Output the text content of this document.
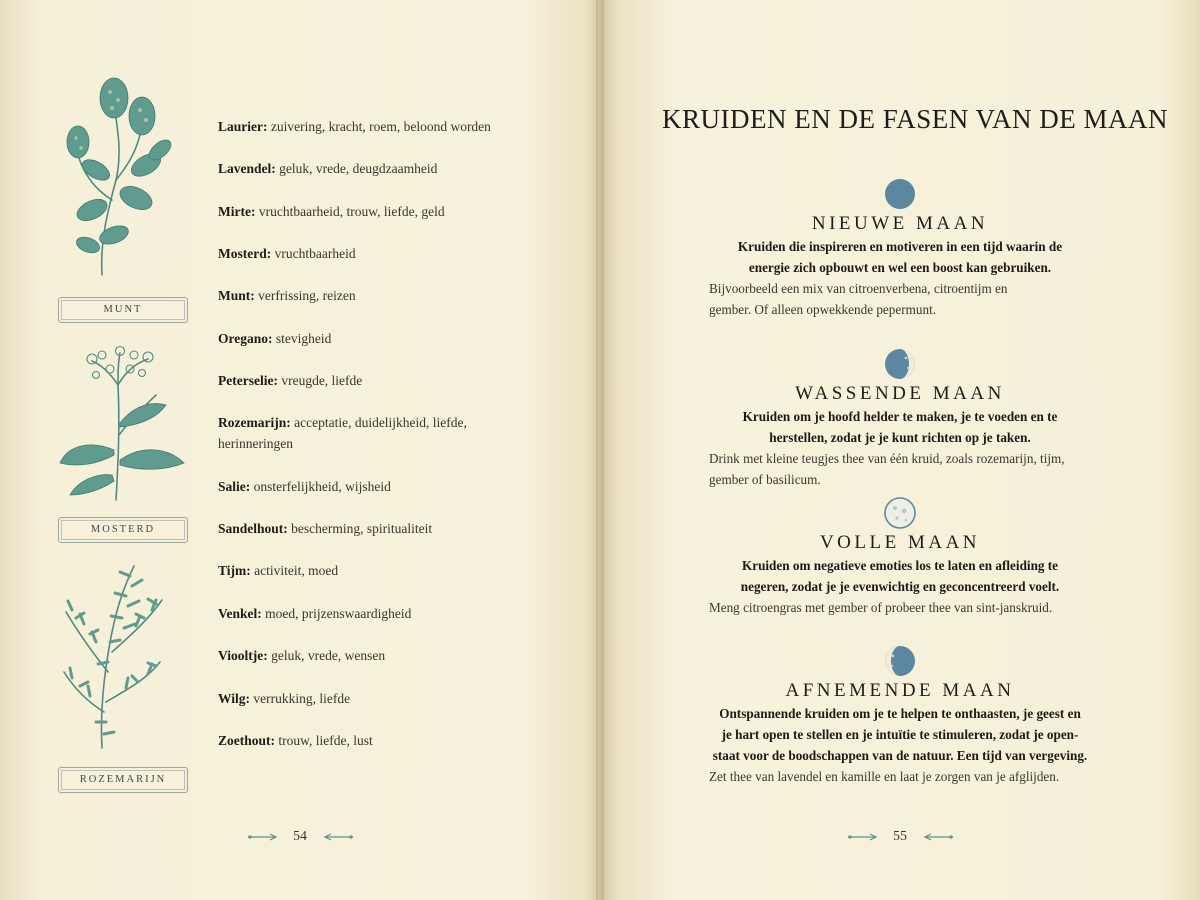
MUNT
MOSTERD
ROZEMARIJN
Laurier: zuivering, kracht, roem, beloond worden
Lavendel: geluk, vrede, deugdzaamheid
Mirte: vruchtbaarheid, trouw, liefde, geld
Mosterd: vruchtbaarheid
Munt: verfrissing, reizen
Oregano: stevigheid
Peterselie: vreugde, liefde
Rozemarijn: acceptatie, duidelijkheid, liefde,
herinneringen
Salie: onsterfelijkheid, wijsheid
Sandelhout: bescherming, spiritualiteit
Tijm: activiteit, moed
Venkel: moed, prijzenswaardigheid
Viooltje: geluk, vrede, wensen
Wilg: verrukking, liefde
Zoethout: trouw, liefde, lust
54
KRUIDEN EN DE FASEN VAN DE MAAN
NIEUWE MAAN
Kruiden die inspireren en motiveren in een tijd waarin de
energie zich opbouwt en wel een boost kan gebruiken.
Bijvoorbeeld een mix van citroenverbena, citroentijm en
gember. Of alleen opwekkende pepermunt.
WASSENDE MAAN
Kruiden om je hoofd helder te maken, je te voeden en te
herstellen, zodat je je kunt richten op je taken.
Drink met kleine teugjes thee van één kruid, zoals rozemarijn, tijm,
gember of basilicum.
VOLLE MAAN
Kruiden om negatieve emoties los te laten en afleiding te
negeren, zodat je je evenwichtig en geconcentreerd voelt.
Meng citroengras met gember of probeer thee van sint-janskruid.
AFNEMENDE MAAN
Ontspannende kruiden om je te helpen te onthaasten, je geest en
je hart open te stellen en je intuïtie te stimuleren, zodat je open-
staat voor de boodschappen van de natuur. Een tijd van vergeving.
Zet thee van lavendel en kamille en laat je zorgen van je afglijden.
55
